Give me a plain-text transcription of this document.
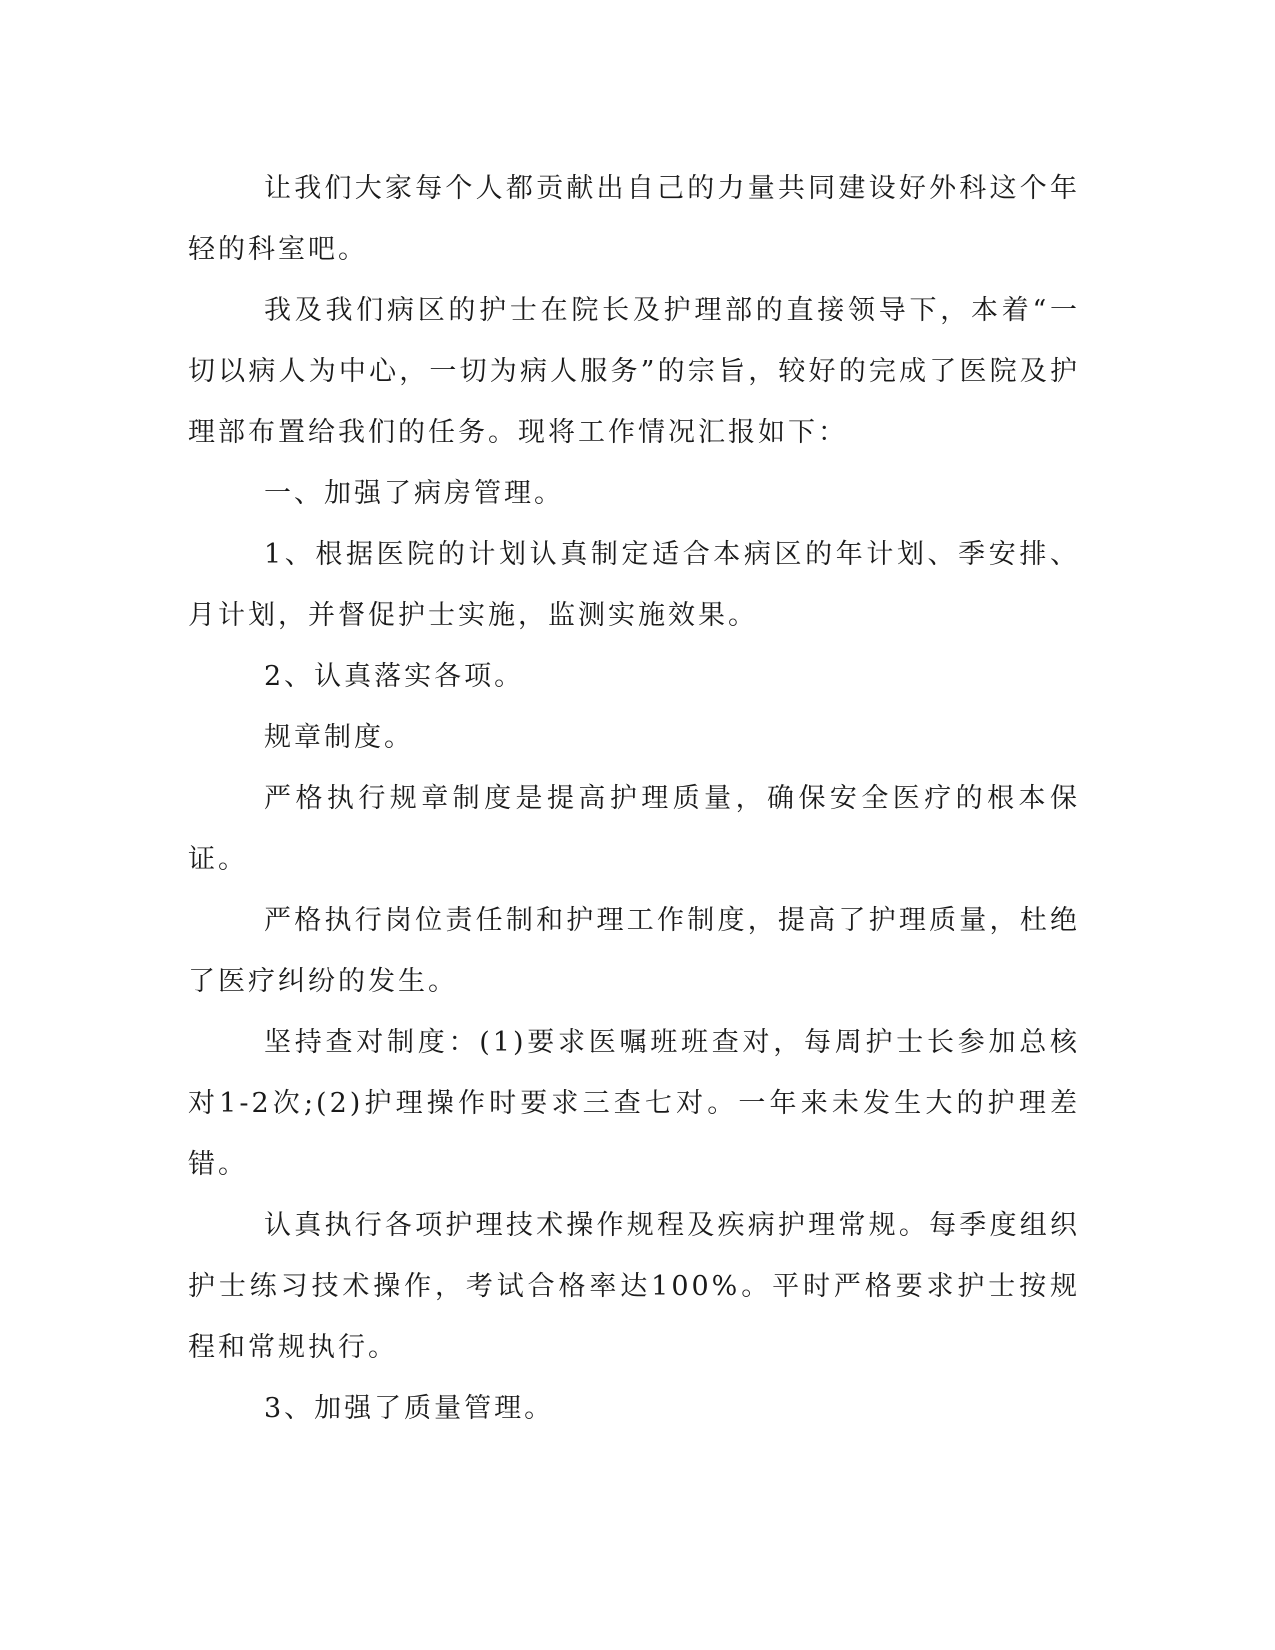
让我们大家每个人都贡献出自己的力量共同建设好外科这个年轻的科室吧。

我及我们病区的护士在院长及护理部的直接领导下，本着“一切以病人为中心，一切为病人服务”的宗旨，较好的完成了医院及护理部布置给我们的任务。现将工作情况汇报如下：

一、加强了病房管理。

1、根据医院的计划认真制定适合本病区的年计划、季安排、月计划，并督促护士实施，监测实施效果。

2、认真落实各项。

规章制度。

严格执行规章制度是提高护理质量，确保安全医疗的根本保证。

严格执行岗位责任制和护理工作制度，提高了护理质量，杜绝了医疗纠纷的发生。

坚持查对制度：(1)要求医嘱班班查对，每周护士长参加总核对1-2次;(2)护理操作时要求三查七对。一年来未发生大的护理差错。

认真执行各项护理技术操作规程及疾病护理常规。每季度组织护士练习技术操作，考试合格率达100%。平时严格要求护士按规程和常规执行。

3、加强了质量管理。
